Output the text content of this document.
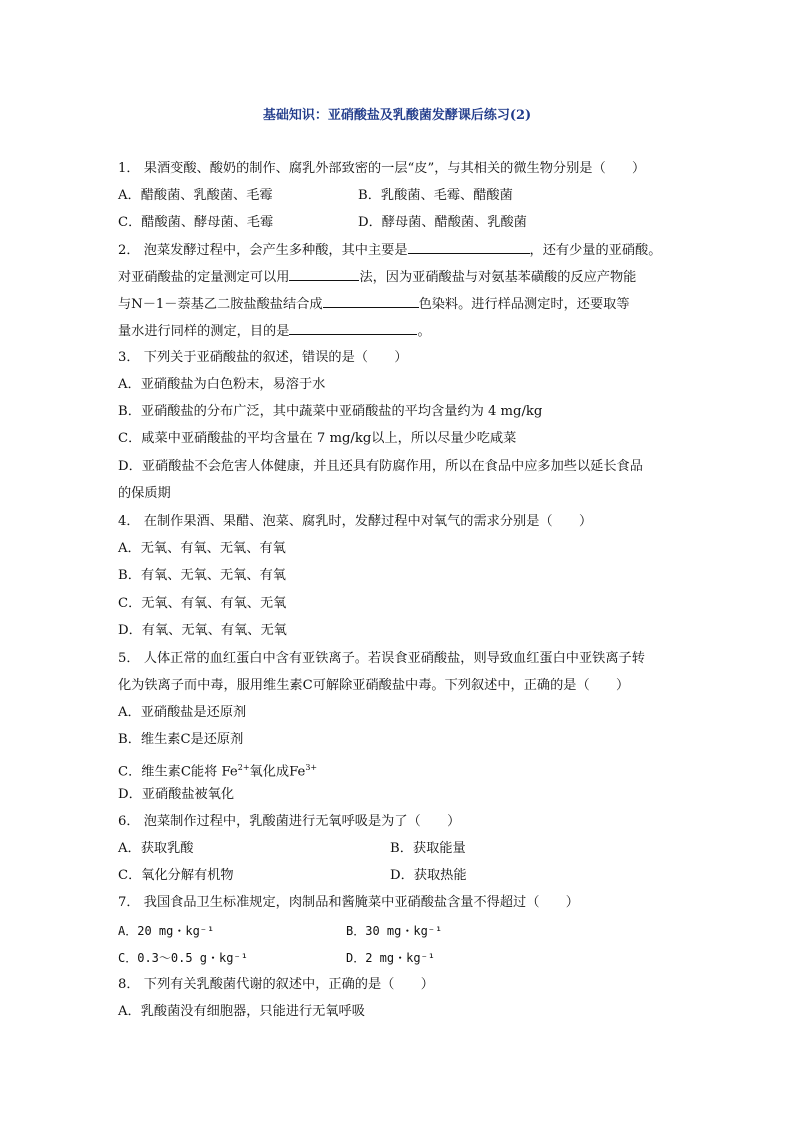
基础知识：亚硝酸盐及乳酸菌发酵课后练习(2)
1． 果酒变酸、酸奶的制作、腐乳外部致密的一层“皮”，与其相关的微生物分别是（　　）
A．醋酸菌、乳酸菌、毛霉	B．乳酸菌、毛霉、醋酸菌
C．醋酸菌、酵母菌、毛霉	D．酵母菌、醋酸菌、乳酸菌
2． 泡菜发酵过程中，会产生多种酸，其中主要是	，还有少量的亚硝酸。
对亚硝酸盐的定量测定可以用	法，因为亚硝酸盐与对氨基苯磺酸的反应产物能
与N－1－萘基乙二胺盐酸盐结合成	色染料。进行样品测定时，还要取等
量水进行同样的测定，目的是	。
3． 下列关于亚硝酸盐的叙述，错误的是（　　）
A．亚硝酸盐为白色粉末，易溶于水
B．亚硝酸盐的分布广泛，其中蔬菜中亚硝酸盐的平均含量约为 4 mg/kg
C．咸菜中亚硝酸盐的平均含量在 7 mg/kg以上，所以尽量少吃咸菜
D．亚硝酸盐不会危害人体健康，并且还具有防腐作用，所以在食品中应多加些以延长食品
的保质期
4． 在制作果酒、果醋、泡菜、腐乳时，发酵过程中对氧气的需求分别是（　　）
A．无氧、有氧、无氧、有氧
B．有氧、无氧、无氧、有氧
C．无氧、有氧、有氧、无氧
D．有氧、无氧、有氧、无氧
5． 人体正常的血红蛋白中含有亚铁离子。若误食亚硝酸盐，则导致血红蛋白中亚铁离子转
化为铁离子而中毒，服用维生素C可解除亚硝酸盐中毒。下列叙述中，正确的是（　　）
A．亚硝酸盐是还原剂
B．维生素C是还原剂
C．维生素C能将 $Fe^{2+}$氧化成$Fe^{3+}$
D．亚硝酸盐被氧化
6． 泡菜制作过程中，乳酸菌进行无氧呼吸是为了（　　）
A．获取乳酸	B．获取能量
C．氧化分解有机物	D．获取热能
7． 我国食品卫生标准规定，肉制品和酱腌菜中亚硝酸盐含量不得超过（　　）
A．20 mg・kg⁻¹	B．30 mg・kg⁻¹
C．0.3～0.5 g・kg⁻¹	D．2 mg・kg⁻¹
8． 下列有关乳酸菌代谢的叙述中，正确的是（　　）
A．乳酸菌没有细胞器，只能进行无氧呼吸
